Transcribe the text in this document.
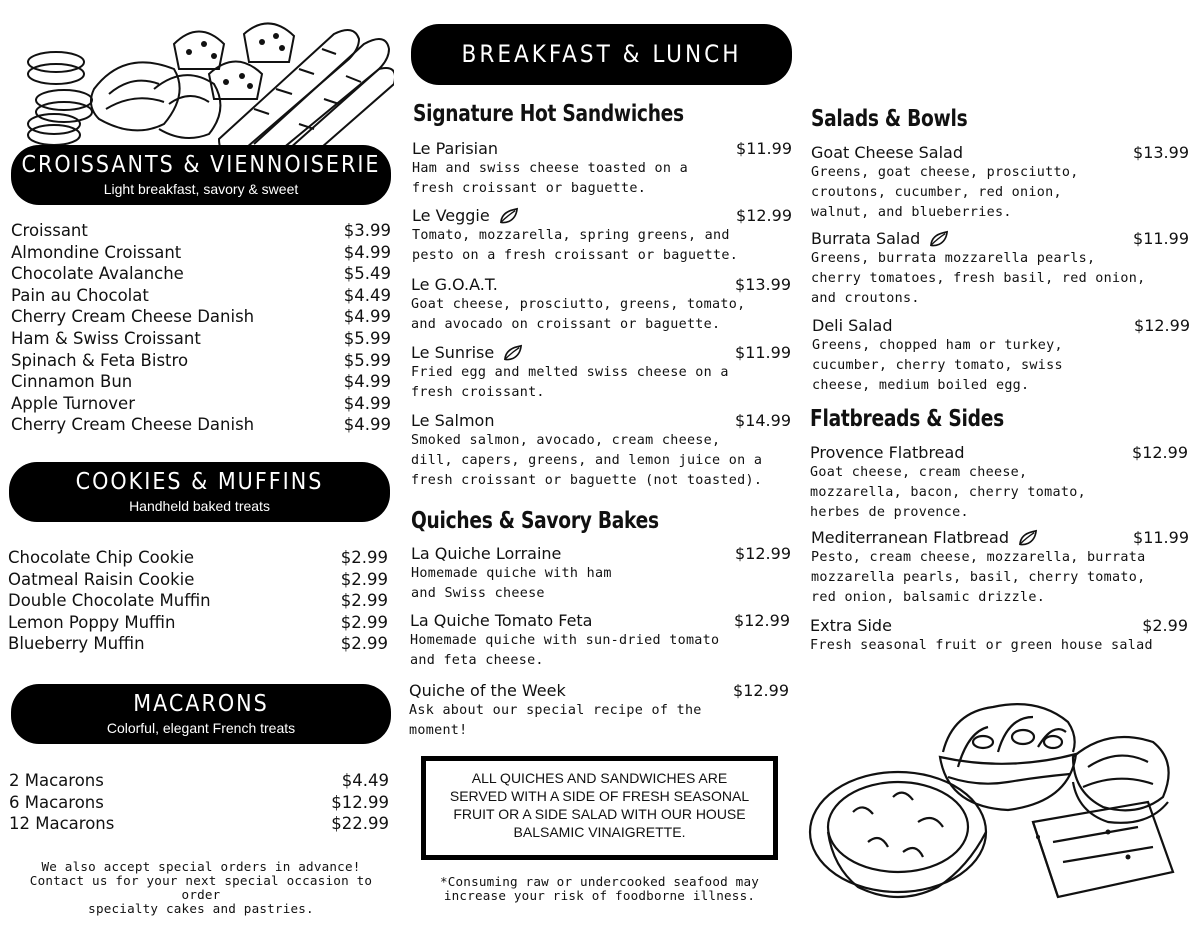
CROISSANTS & VIENNOISERIE
Light breakfast, savory & sweet
Croissant	$3.99
Almondine Croissant	$4.99
Chocolate Avalanche	$5.49
Pain au Chocolat	$4.49
Cherry Cream Cheese Danish	$4.99
Ham & Swiss Croissant	$5.99
Spinach & Feta Bistro	$5.99
Cinnamon Bun	$4.99
Apple Turnover	$4.99
Cherry Cream Cheese Danish	$4.99
COOKIES & MUFFINS
Handheld baked treats
Chocolate Chip Cookie	$2.99
Oatmeal Raisin Cookie	$2.99
Double Chocolate Muffin	$2.99
Lemon Poppy Muffin	$2.99
Blueberry Muffin	$2.99
MACARONS
Colorful, elegant French treats
2 Macarons	$4.49
6 Macarons	$12.99
12 Macarons	$22.99
We also accept special orders in advance!
Contact us for your next special occasion to order
specialty cakes and pastries.
BREAKFAST & LUNCH
Signature Hot Sandwiches
Le Parisian	$11.99
Ham and swiss cheese toasted on a
fresh croissant or baguette.
Le Veggie	$12.99
Tomato, mozzarella, spring greens, and
pesto on a fresh croissant or baguette.
Le G.O.A.T.	$13.99
Goat cheese, prosciutto, greens, tomato,
and avocado on croissant or baguette.
Le Sunrise	$11.99
Fried egg and melted swiss cheese on a
fresh croissant.
Le Salmon	$14.99
Smoked salmon, avocado, cream cheese,
dill, capers, greens, and lemon juice on a
fresh croissant or baguette (not toasted).
Quiches & Savory Bakes
La Quiche Lorraine	$12.99
Homemade quiche with ham
and Swiss cheese
La Quiche Tomato Feta	$12.99
Homemade quiche with sun-dried tomato
and feta cheese.
Quiche of the Week	$12.99
Ask about our special recipe of the
moment!
ALL QUICHES AND SANDWICHES ARE
SERVED WITH A SIDE OF FRESH SEASONAL
FRUIT OR A SIDE SALAD WITH OUR HOUSE
BALSAMIC VINAIGRETTE.
*Consuming raw or undercooked seafood may
increase your risk of foodborne illness.
Salads & Bowls
Goat Cheese Salad	$13.99
Greens, goat cheese, prosciutto,
croutons, cucumber, red onion,
walnut, and blueberries.
Burrata Salad	$11.99
Greens, burrata mozzarella pearls,
cherry tomatoes, fresh basil, red onion,
and croutons.
Deli Salad	$12.99
Greens, chopped ham or turkey,
cucumber, cherry tomato, swiss
cheese, medium boiled egg.
Flatbreads & Sides
Provence Flatbread	$12.99
Goat cheese, cream cheese,
mozzarella, bacon, cherry tomato,
herbes de provence.
Mediterranean Flatbread	$11.99
Pesto, cream cheese, mozzarella, burrata
mozzarella pearls, basil, cherry tomato,
red onion, balsamic drizzle.
Extra Side	$2.99
Fresh seasonal fruit or green house salad
